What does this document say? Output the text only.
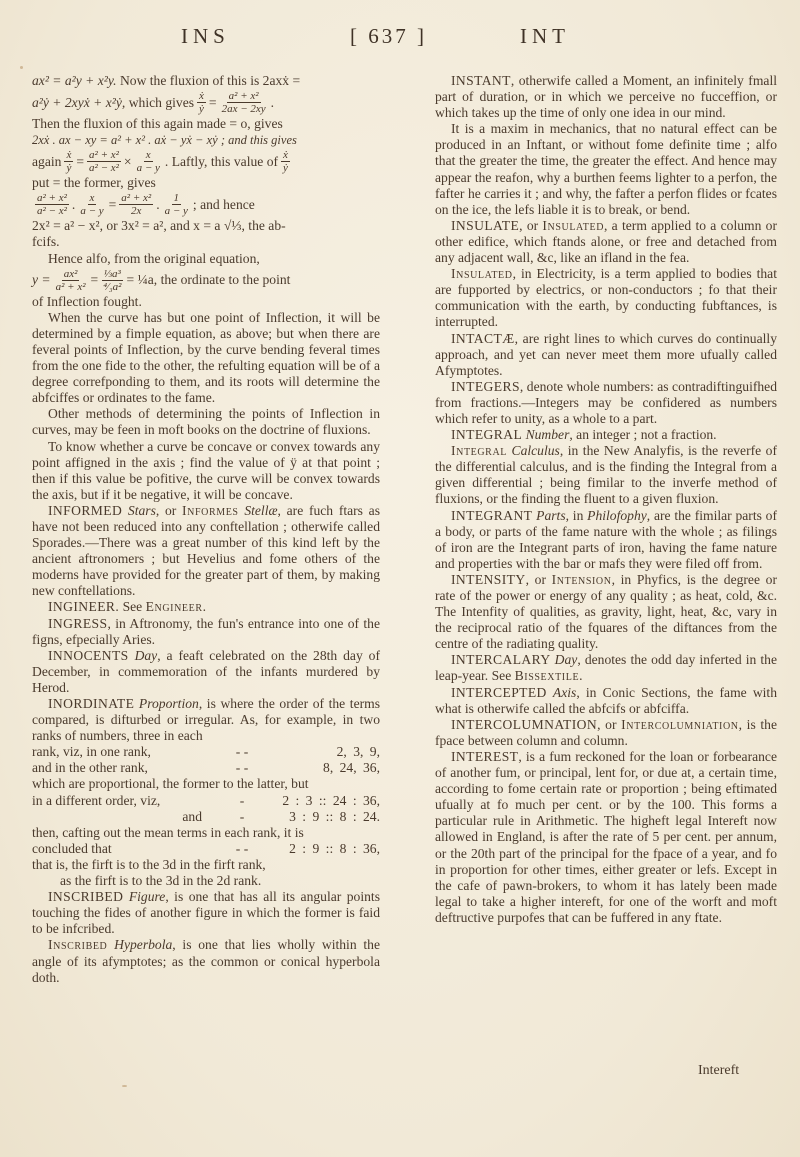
INS	[ 637 ]	INT

ax² = a²y + x²y. Now the fluxion of this is 2axẋ =

a²ẏ + 2xyẋ + x²ẏ,
which gives $\frac{\text{ẋ}}{\text{ẏ}} = \frac{\text{a² + x²}}{2ax - 2xy}$ .

Then the fluxion of this again made = o, gives

2xẋ . ax − xy = a² + x² . aẋ − yẋ − xẏ ; and this gives

again $\frac{\text{ẋ}}{\text{ẏ}} = \frac{\text{a² + x²}}{\text{a² − x²}} \times \frac{x}{a - y}$ . Laftly, this value of $\frac{\text{ẋ}}{\text{ẏ}}$

put = the former, gives

$\frac{\text{a² + x²}}{\text{a² − x²}}$ . $\frac{x}{a - y} = \frac{\text{a² + x²}}{2x}$ . $\frac{1}{a - y}$ ; and hence

2x² = a² − x², or 3x² = a², and x = a √⅓, the ab-

fcifs.

Hence alfo, from the original equation,

$y = \frac{\text{ax²}}{\text{a² + x²}} = \frac{\text{⅓a³}}{\text{⁴⁄₃a²}}$ = ¼a, the ordinate to the point

of Inflection fought.

When the curve has but one point of Inflection, it will be determined by a fimple equation, as above; but when there are feveral points of Inflection, by the curve bending feveral times from the one fide to the other, the refulting equation will be of a degree correfponding to them, and its roots will determine the abfciffes or ordinates to the fame.

Other methods of determining the points of Inflection in curves, may be feen in moft books on the doctrine of fluxions.

To know whether a curve be concave or convex towards any point affigned in the axis ; find the value of ÿ at that point ; then if this value be pofitive, the curve will be convex towards the axis, but if it be negative, it will be concave.

INFORMED Stars, or Informes Stellæ, are fuch ftars as have not been reduced into any conftellation ; otherwife called Sporades.—There was a great number of this kind left by the ancient aftronomers ; but Hevelius and fome others of the moderns have provided for the greater part of them, by making new conftellations.

INGINEER. See Engineer.

INGRESS, in Aftronomy, the fun's entrance into one of the figns, efpecially Aries.

INNOCENTS Day, a feaft celebrated on the 28th day of December, in commemoration of the infants murdered by Herod.

INORDINATE Proportion, is where the order of the terms compared, is difturbed or irregular. As, for example, in two ranks of numbers, three in each

rank, viz, in one rank,	- -	2, 3, 9,
and in the other rank,	- -	8, 24, 36,

which are proportional, the former to the latter, but

in a different order, viz,	-	2 : 3 :: 24 : 36,
and	-	3 : 9 :: 8 : 24.

then, cafting out the mean terms in each rank, it is

concluded that	- -	2 : 9 :: 8 : 36,

that is, the firft is to the 3d in the firft rank,

as the firft is to the 3d in the 2d rank.

INSCRIBED Figure, is one that has all its angular points touching the fides of another figure in which the former is faid to be infcribed.

Inscribed Hyperbola, is one that lies wholly within the angle of its afymptotes; as the common or conical hyperbola doth.

INSTANT, otherwife called a Moment, an infinitely fmall part of duration, or in which we perceive no fucceffion, or which takes up the time of only one idea in our mind.

It is a maxim in mechanics, that no natural effect can be produced in an Inftant, or without fome definite time ; alfo that the greater the time, the greater the effect. And hence may appear the reafon, why a burthen feems lighter to a perfon, the fafter he carries it ; and why, the fafter a perfon flides or fcates on the ice, the lefs liable it is to break, or bend.

INSULATE, or Insulated, a term applied to a column or other edifice, which ftands alone, or free and detached from any adjacent wall, &c, like an ifland in the fea.

Insulated, in Electricity, is a term applied to bodies that are fupported by electrics, or non-conductors ; fo that their communication with the earth, by conducting fubftances, is interrupted.

INTACTÆ, are right lines to which curves do continually approach, and yet can never meet them more ufually called Afymptotes.

INTEGERS, denote whole numbers: as contradiftinguifhed from fractions.—Integers may be confidered as numbers which refer to unity, as a whole to a part.

INTEGRAL Number, an integer ; not a fraction.

Integral Calculus, in the New Analyfis, is the reverfe of the differential calculus, and is the finding the Integral from a given differential ; being fimilar to the inverfe method of fluxions, or the finding the fluent to a given fluxion.

INTEGRANT Parts, in Philofophy, are the fimilar parts of a body, or parts of the fame nature with the whole ; as filings of iron are the Integrant parts of iron, having the fame nature and properties with the bar or mafs they were filed off from.

INTENSITY, or Intension, in Phyfics, is the degree or rate of the power or energy of any quality ; as heat, cold, &c. The Intenfity of qualities, as gravity, light, heat, &c, vary in the reciprocal ratio of the fquares of the diftances from the centre of the radiating quality.

INTERCALARY Day, denotes the odd day inferted in the leap-year. See Bissextile.

INTERCEPTED Axis, in Conic Sections, the fame with what is otherwife called the abfcifs or abfciffa.

INTERCOLUMNATION, or Intercolumniation, is the fpace between column and column.

INTEREST, is a fum reckoned for the loan or forbearance of another fum, or principal, lent for, or due at, a certain time, according to fome certain rate or proportion ; being eftimated ufually at fo much per cent. or by the 100. This forms a particular rule in Arithmetic. The higheft legal Intereft now allowed in England, is after the rate of 5 per cent. per annum, or the 20th part of the principal for the fpace of a year, and fo in proportion for other times, either greater or lefs. Except in the cafe of pawn-brokers, to whom it has lately been made legal to take a higher intereft, for one of the worft and moft deftructive purpofes that can be fuffered in any ftate.

Intereft
